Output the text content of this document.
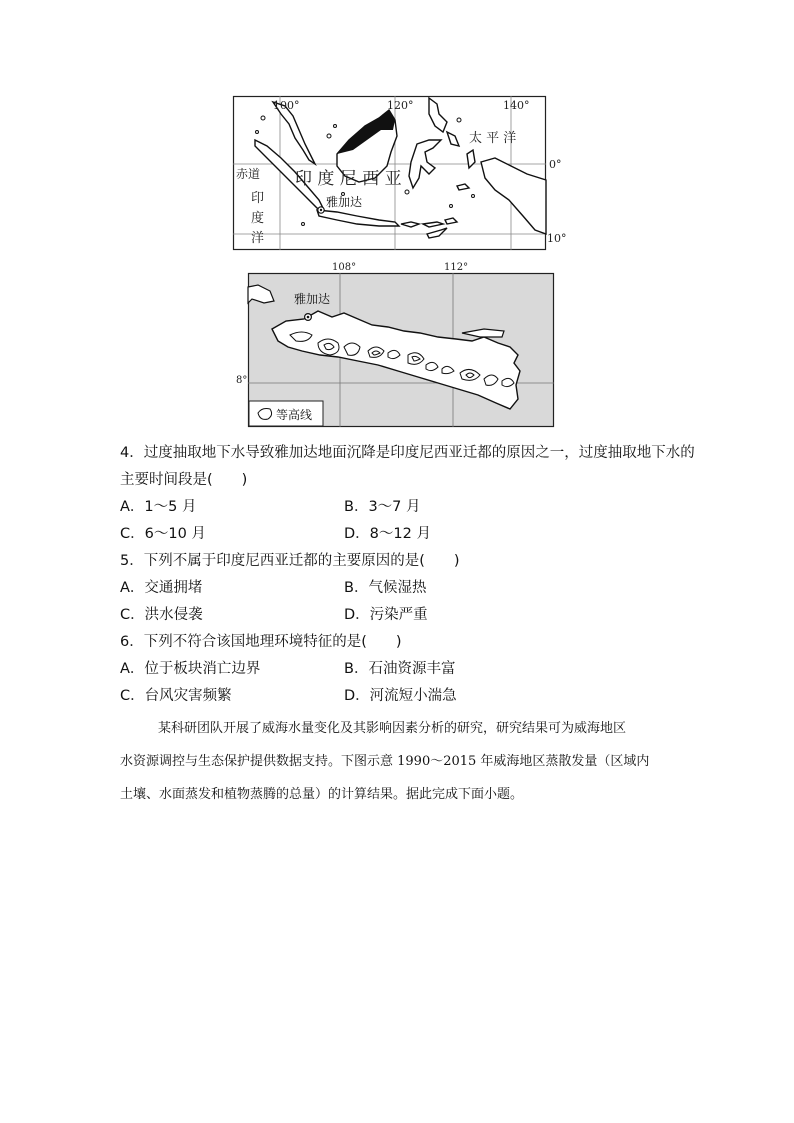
100°	120°	140°
0°
10°
赤道
印
度
洋
太 平 洋
印 度 尼 西 亚
雅加达
雅加达
108°	112°
8°
等高线
4．过度抽取地下水导致雅加达地面沉降是印度尼西亚迁都的原因之一，过度抽取地下水的
主要时间段是(　　)
A．1～5 月	B．3～7 月
C．6～10 月	D．8～12 月
5．下列不属于印度尼西亚迁都的主要原因的是(　　)
A．交通拥堵	B．气候湿热
C．洪水侵袭	D．污染严重
6．下列不符合该国地理环境特征的是(　　)
A．位于板块消亡边界	B．石油资源丰富
C．台风灾害频繁	D．河流短小湍急
某科研团队开展了威海水量变化及其影响因素分析的研究，研究结果可为威海地区
水资源调控与生态保护提供数据支持。下图示意 1990～2015 年威海地区蒸散发量（区域内
土壤、水面蒸发和植物蒸腾的总量）的计算结果。据此完成下面小题。
